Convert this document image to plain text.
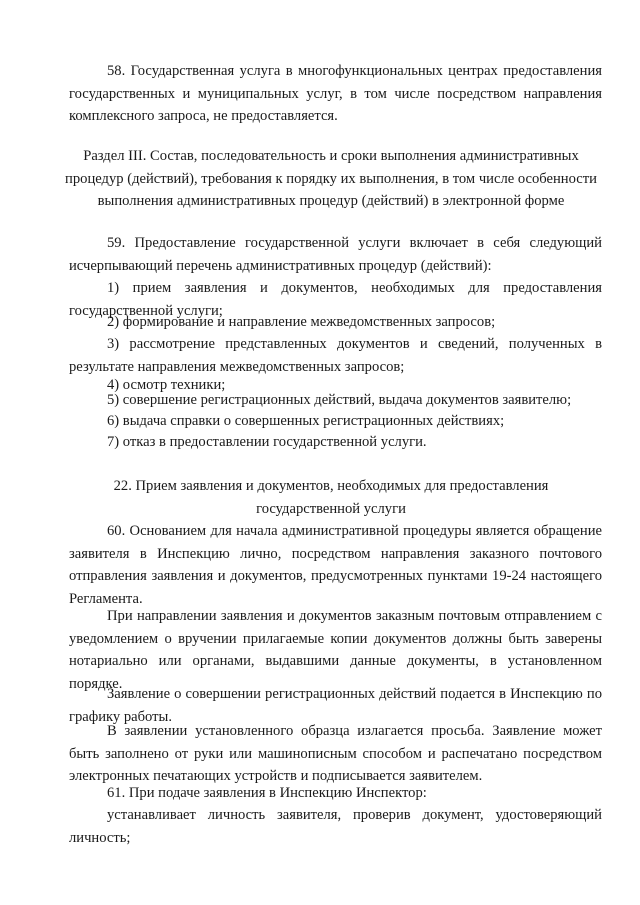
58. Государственная услуга в многофункциональных центрах предоставления государственных и муниципальных услуг, в том числе посредством направления комплексного запроса, не предоставляется.

Раздел III. Состав, последовательность и сроки выполнения административных процедур (действий), требования к порядку их выполнения, в том числе особенности выполнения административных процедур (действий) в электронной форме

59. Предоставление государственной услуги включает в себя следующий исчерпывающий перечень административных процедур (действий):

1) прием заявления и документов, необходимых для предоставления государственной услуги;

2) формирование и направление межведомственных запросов;

3) рассмотрение представленных документов и сведений, полученных в результате направления межведомственных запросов;

4) осмотр техники;

5) совершение регистрационных действий, выдача документов заявителю;

6) выдача справки о совершенных регистрационных действиях;

7) отказ в предоставлении государственной услуги.

22. Прием заявления и документов, необходимых для предоставления государственной услуги

60. Основанием для начала административной процедуры является обращение заявителя в Инспекцию лично, посредством направления заказного почтового отправления заявления и документов, предусмотренных пунктами 19-24 настоящего Регламента.

При направлении заявления и документов заказным почтовым отправлением с уведомлением о вручении прилагаемые копии документов должны быть заверены нотариально или органами, выдавшими данные документы, в установленном порядке.

Заявление о совершении регистрационных действий подается в Инспекцию по графику работы.

В заявлении установленного образца излагается просьба. Заявление может быть заполнено от руки или машинописным способом и распечатано посредством электронных печатающих устройств и подписывается заявителем.

61. При подаче заявления в Инспекцию Инспектор:

устанавливает личность заявителя, проверив документ, удостоверяющий личность;
